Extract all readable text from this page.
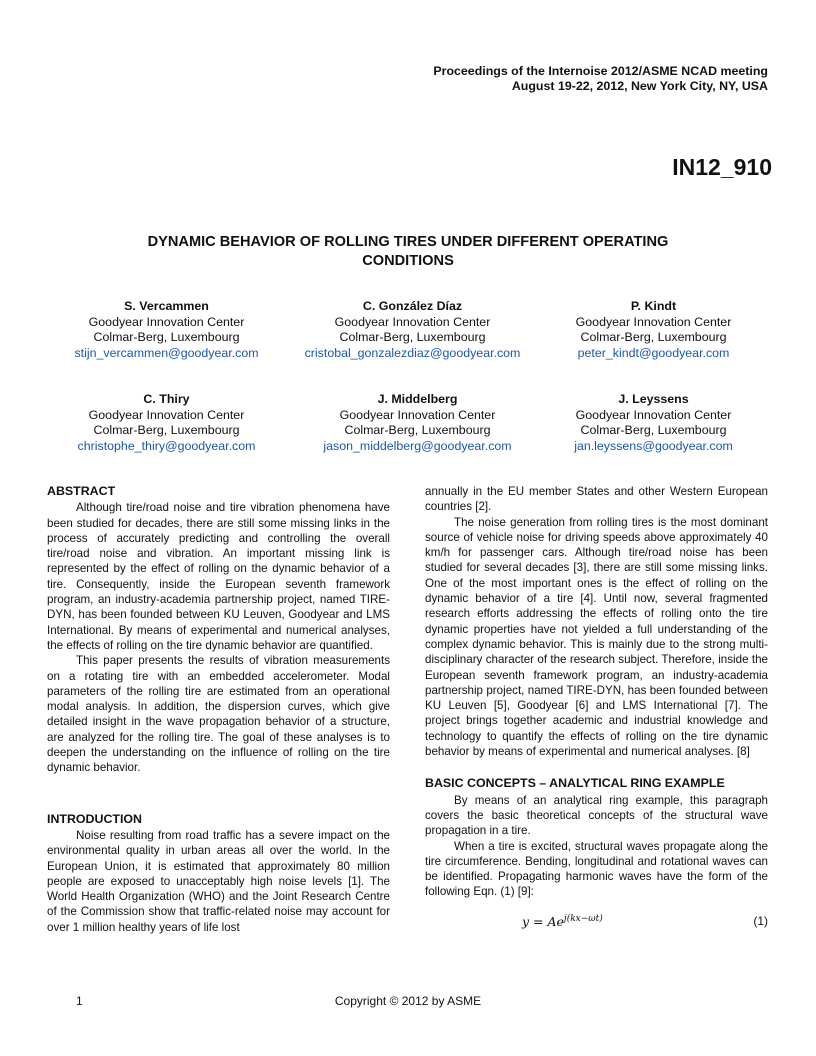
Proceedings of the Internoise 2012/ASME NCAD meeting
August 19-22, 2012, New York City, NY, USA
IN12_910
DYNAMIC BEHAVIOR OF ROLLING TIRES UNDER DIFFERENT OPERATING
CONDITIONS
S. Vercammen
Goodyear Innovation Center
Colmar-Berg, Luxembourg
stijn_vercammen@goodyear.com
C. González Díaz
Goodyear Innovation Center
Colmar-Berg, Luxembourg
cristobal_gonzalezdiaz@goodyear.com
P. Kindt
Goodyear Innovation Center
Colmar-Berg, Luxembourg
peter_kindt@goodyear.com
C. Thiry
Goodyear Innovation Center
Colmar-Berg, Luxembourg
christophe_thiry@goodyear.com
J. Middelberg
Goodyear Innovation Center
Colmar-Berg, Luxembourg
jason_middelberg@goodyear.com
J. Leyssens
Goodyear Innovation Center
Colmar-Berg, Luxembourg
jan.leyssens@goodyear.com
ABSTRACT

Although tire/road noise and tire vibration phenomena have been studied for decades, there are still some missing links in the process of accurately predicting and controlling the overall tire/road noise and vibration. An important missing link is represented by the effect of rolling on the dynamic behavior of a tire. Consequently, inside the European seventh framework program, an industry-academia partnership project, named TIRE-DYN, has been founded between KU Leuven, Goodyear and LMS International. By means of experimental and numerical analyses, the effects of rolling on the tire dynamic behavior are quantified.

This paper presents the results of vibration measurements on a rotating tire with an embedded accelerometer. Modal parameters of the rolling tire are estimated from an operational modal analysis. In addition, the dispersion curves, which give detailed insight in the wave propagation behavior of a structure, are analyzed for the rolling tire. The goal of these analyses is to deepen the understanding on the influence of rolling on the tire dynamic behavior.

INTRODUCTION

Noise resulting from road traffic has a severe impact on the environmental quality in urban areas all over the world. In the European Union, it is estimated that approximately 80 million people are exposed to unacceptably high noise levels [1]. The World Health Organization (WHO) and the Joint Research Centre of the Commission show that traffic-related noise may account for over 1 million healthy years of life lost

annually in the EU member States and other Western European countries [2].

The noise generation from rolling tires is the most dominant source of vehicle noise for driving speeds above approximately 40 km/h for passenger cars. Although tire/road noise has been studied for several decades [3], there are still some missing links. One of the most important ones is the effect of rolling on the dynamic behavior of a tire [4]. Until now, several fragmented research efforts addressing the effects of rolling onto the tire dynamic properties have not yielded a full understanding of the complex dynamic behavior. This is mainly due to the strong multi-disciplinary character of the research subject. Therefore, inside the European seventh framework program, an industry-academia partnership project, named TIRE-DYN, has been founded between KU Leuven [5], Goodyear [6] and LMS International [7]. The project brings together academic and industrial knowledge and technology to quantify the effects of rolling on the tire dynamic behavior by means of experimental and numerical analyses. [8]

BASIC CONCEPTS – ANALYTICAL RING EXAMPLE

By means of an analytical ring example, this paragraph covers the basic theoretical concepts of the structural wave propagation in a tire.

When a tire is excited, structural waves propagate along the tire circumference. Bending, longitudinal and rotational waves can be identified. Propagating harmonic waves have the form of the following Eqn. (1) [9]:

$y = Ae^{j(kx-\omega t)}$	(1)
1	Copyright © 2012 by ASME
